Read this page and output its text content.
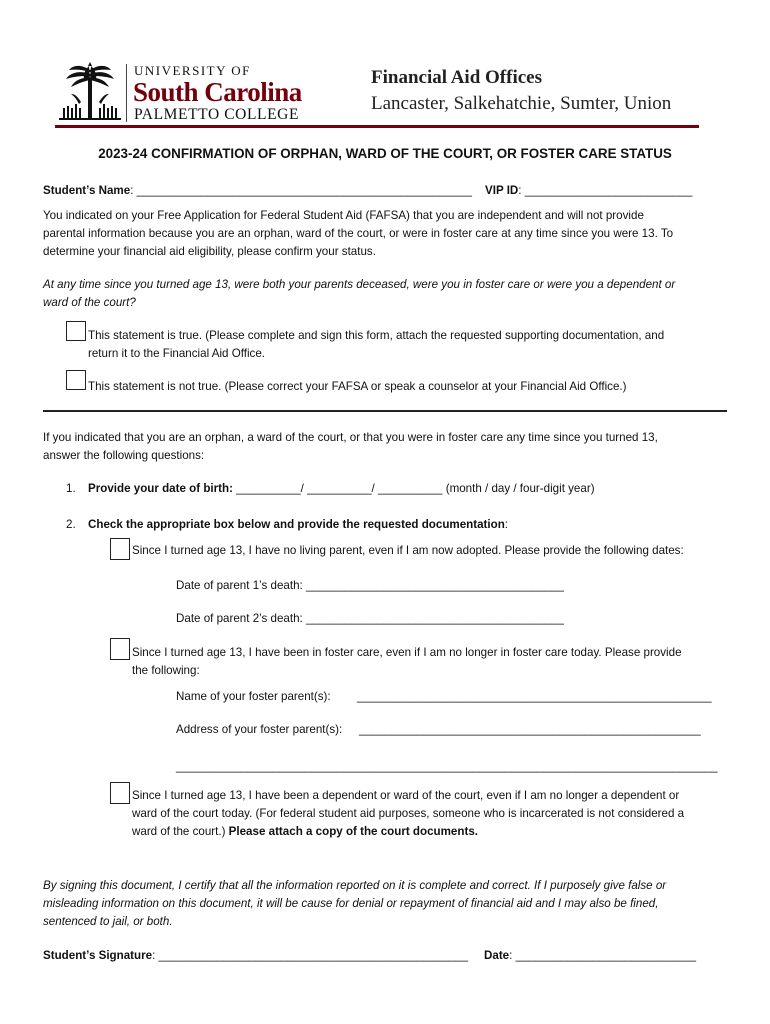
UNIVERSITY OF
South Carolina
PALMETTO COLLEGE
Financial Aid Offices
Lancaster, Salkehatchie, Sumter, Union
2023-24 CONFIRMATION OF ORPHAN, WARD OF THE COURT, OR FOSTER CARE STATUS
Student’s Name: ____________________________________________________ VIP ID: __________________________
You indicated on your Free Application for Federal Student Aid (FAFSA) that you are independent and will not provide
parental information because you are an orphan, ward of the court, or were in foster care at any time since you were 13. To
determine your financial aid eligibility, please confirm your status.
At any time since you turned age 13, were both your parents deceased, were you in foster care or were you a dependent or
ward of the court?
This statement is true. (Please complete and sign this form, attach the requested supporting documentation, and
return it to the Financial Aid Office.
This statement is not true. (Please correct your FAFSA or speak a counselor at your Financial Aid Office.)
If you indicated that you are an orphan, a ward of the court, or that you were in foster care any time since you turned 13,
answer the following questions:
1. Provide your date of birth: __________/ __________/ __________ (month / day / four-digit year)
2. Check the appropriate box below and provide the requested documentation:
Since I turned age 13, I have no living parent, even if I am now adopted. Please provide the following dates:
Date of parent 1’s death: ________________________________________
Date of parent 2’s death: ________________________________________
Since I turned age 13, I have been in foster care, even if I am no longer in foster care today. Please provide
the following:
Name of your foster parent(s): _______________________________________________________
Address of your foster parent(s): _____________________________________________________
____________________________________________________________________________________
Since I turned age 13, I have been a dependent or ward of the court, even if I am no longer a dependent or
ward of the court today. (For federal student aid purposes, someone who is incarcerated is not considered a
ward of the court.) Please attach a copy of the court documents.
By signing this document, I certify that all the information reported on it is complete and correct. If I purposely give false or
misleading information on this document, it will be cause for denial or repayment of financial aid and I may also be fined,
sentenced to jail, or both.
Student’s Signature: ________________________________________________ Date: ____________________________
